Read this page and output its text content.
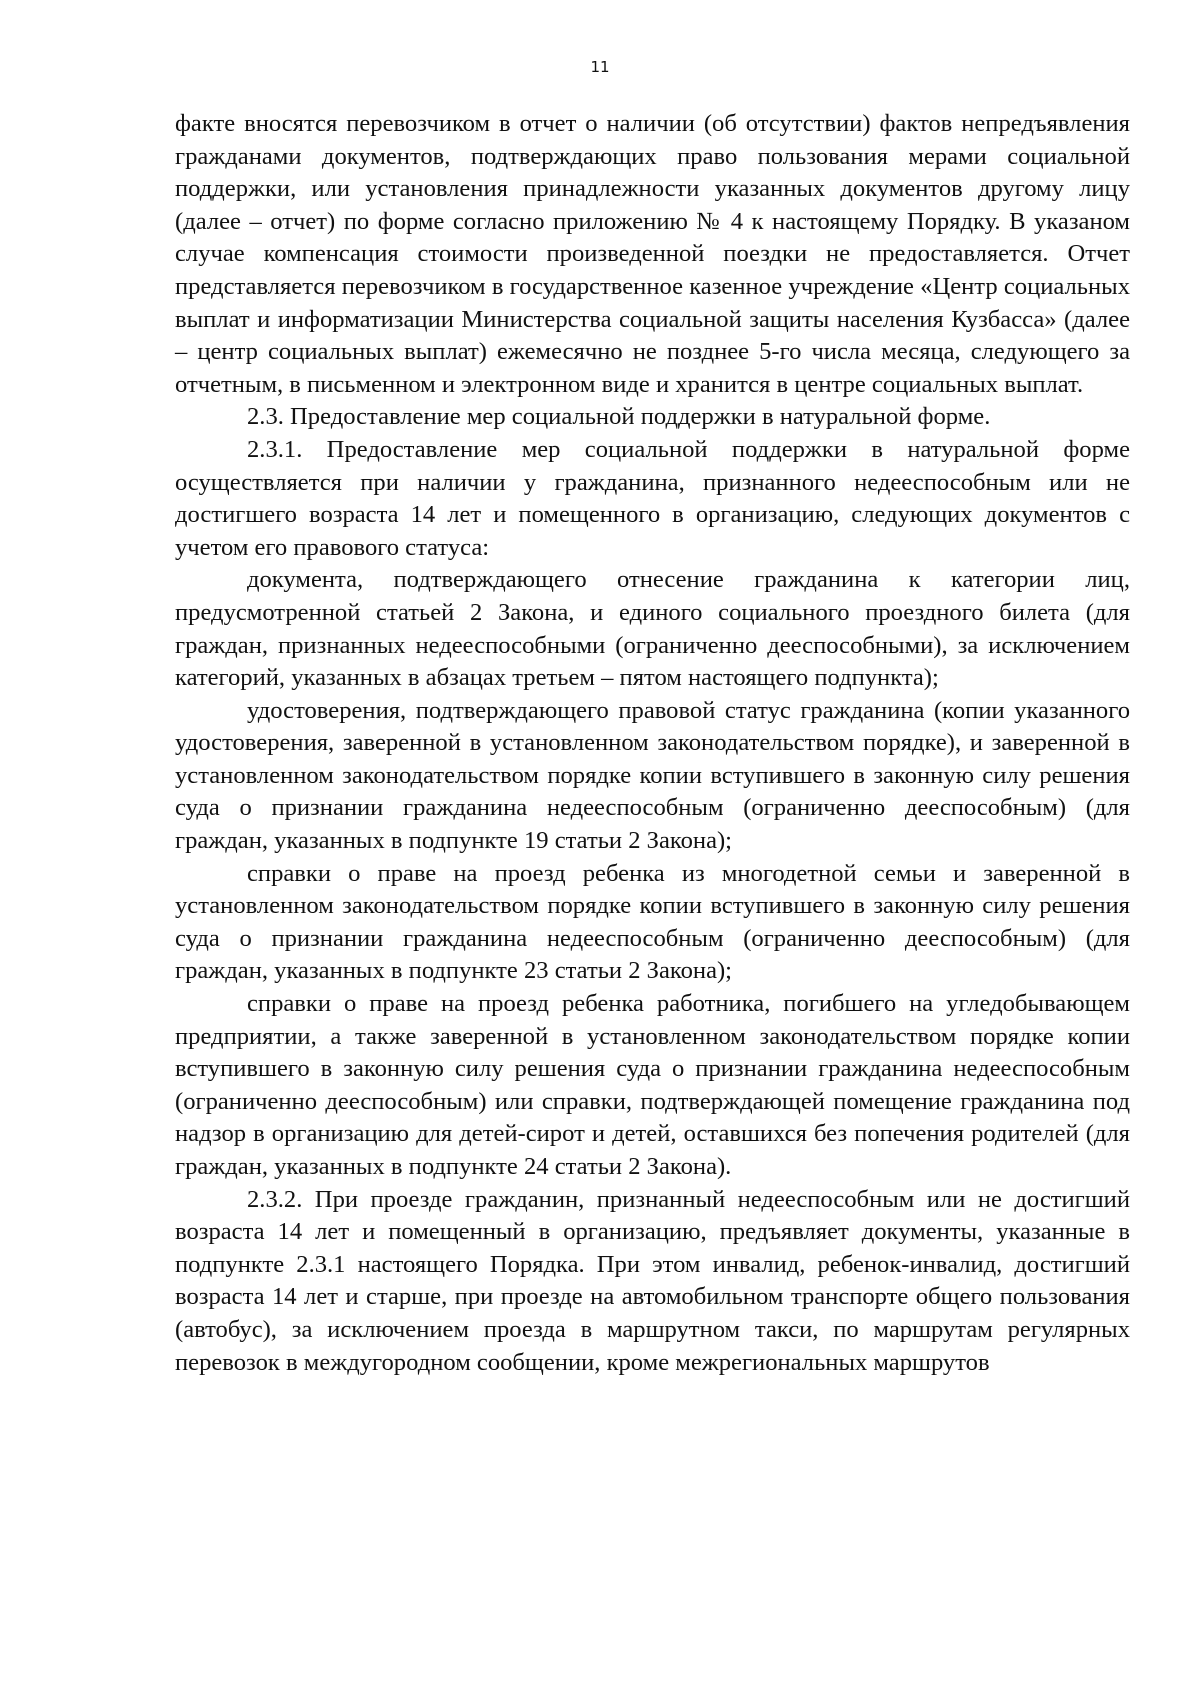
11

факте вносятся перевозчиком в отчет о наличии (об отсутствии) фактов непредъявления гражданами документов, подтверждающих право пользования мерами социальной поддержки, или установления принадлежности указанных документов другому лицу (далее – отчет) по форме согласно приложению № 4 к настоящему Порядку. В указаном случае компенсация стоимости произведенной поездки не предоставляется. Отчет представляется перевозчиком в государственное казенное учреждение «Центр социальных выплат и информатизации Министерства социальной защиты населения Кузбасса» (далее – центр социальных выплат) ежемесячно не позднее 5-го числа месяца, следующего за отчетным, в письменном и электронном виде и хранится в центре социальных выплат.

2.3. Предоставление мер социальной поддержки в натуральной форме.

2.3.1. Предоставление мер социальной поддержки в натуральной форме осуществляется при наличии у гражданина, признанного недееспособным или не достигшего возраста 14 лет и помещенного в организацию, следующих документов с учетом его правового статуса:

документа, подтверждающего отнесение гражданина к категории лиц, предусмотренной статьей 2 Закона, и единого социального проездного билета (для граждан, признанных недееспособными (ограниченно дееспособными), за исключением категорий, указанных в абзацах третьем – пятом настоящего подпункта);

удостоверения, подтверждающего правовой статус гражданина (копии указанного удостоверения, заверенной в установленном законодательством порядке), и заверенной в установленном законодательством порядке копии вступившего в законную силу решения суда о признании гражданина недееспособным (ограниченно дееспособным) (для граждан, указанных в подпункте 19 статьи 2 Закона);

справки о праве на проезд ребенка из многодетной семьи и заверенной в установленном законодательством порядке копии вступившего в законную силу решения суда о признании гражданина недееспособным (ограниченно дееспособным) (для граждан, указанных в подпункте 23 статьи 2 Закона);

справки о праве на проезд ребенка работника, погибшего на угледобывающем предприятии, а также заверенной в установленном законодательством порядке копии вступившего в законную силу решения суда о признании гражданина недееспособным (ограниченно дееспособным) или справки, подтверждающей помещение гражданина под надзор в организацию для детей-сирот и детей, оставшихся без попечения родителей (для граждан, указанных в подпункте 24 статьи 2 Закона).

2.3.2. При проезде гражданин, признанный недееспособным или не достигший возраста 14 лет и помещенный в организацию, предъявляет документы, указанные в подпункте 2.3.1 настоящего Порядка. При этом инвалид, ребенок-инвалид, достигший возраста 14 лет и старше, при проезде на автомобильном транспорте общего пользования (автобус), за исключением проезда в маршрутном такси, по маршрутам регулярных перевозок в междугородном сообщении, кроме межрегиональных маршрутов
